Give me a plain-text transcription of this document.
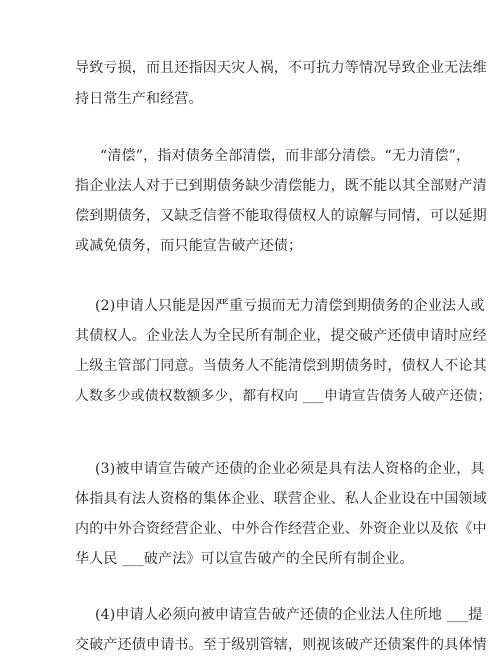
导致亏损，而且还指因天灾人祸，不可抗力等情况导致企业无法维
持日常生产和经营。
“清偿”，指对债务全部清偿，而非部分清偿。“无力清偿”，
指企业法人对于已到期债务缺少清偿能力，既不能以其全部财产清
偿到期债务，又缺乏信誉不能取得债权人的谅解与同情，可以延期
或减免债务，而只能宣告破产还债；
(2)申请人只能是因严重亏损而无力清偿到期债务的企业法人或
其债权人。企业法人为全民所有制企业，提交破产还债申请时应经
上级主管部门同意。当债务人不能清偿到期债务时，债权人不论其
人数多少或债权数额多少，都有权向 ___申请宣告债务人破产还债；
(3)被申请宣告破产还债的企业必须是具有法人资格的企业，具
体指具有法人资格的集体企业、联营企业、私人企业设在中国领域
内的中外合资经营企业、中外合作经营企业、外资企业以及依《中
华人民 ___破产法》可以宣告破产的全民所有制企业。
(4)申请人必须向被申请宣告破产还债的企业法人住所地 ___提
交破产还债申请书。至于级别管辖，则视该破产还债案件的具体情
